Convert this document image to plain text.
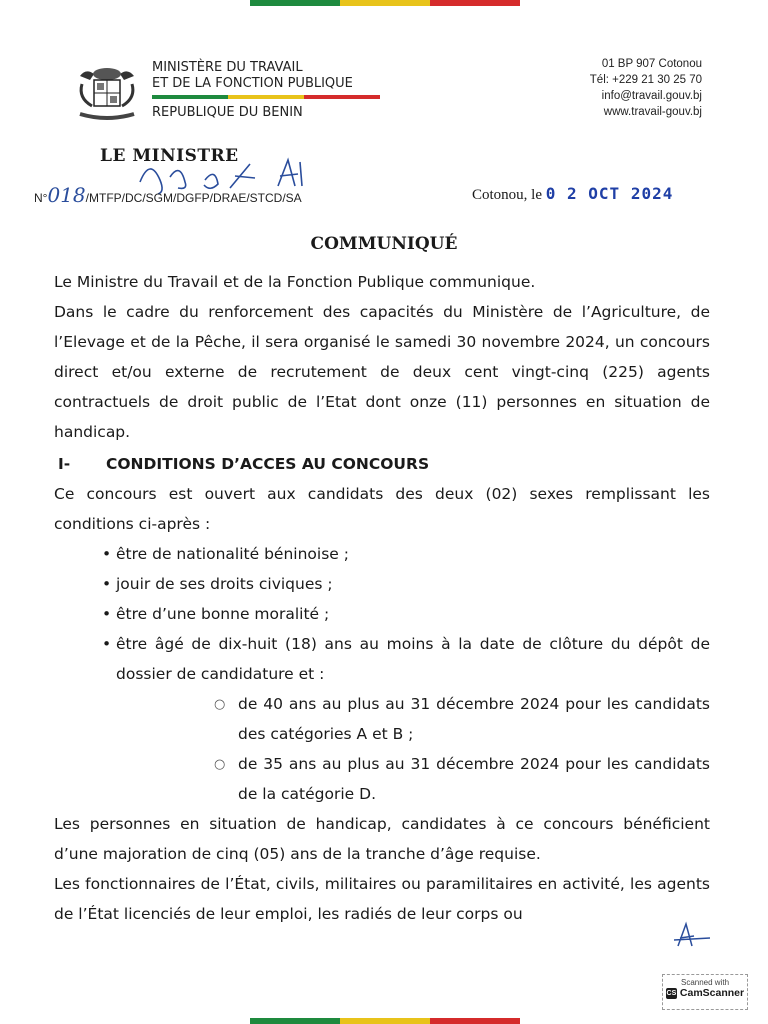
MINISTÈRE DU TRAVAIL
ET DE LA FONCTION PUBLIQUE
REPUBLIQUE DU BENIN
01 BP 907 Cotonou
Tél: +229 21 30 25 70
info@travail.gouv.bj
www.travail-gouv.bj
LE MINISTRE
N°018/MTFP/DC/SGM/DGFP/DRAE/STCD/SA	Cotonou, le 0 2 OCT 2024
COMMUNIQUÉ

Le Ministre du Travail et de la Fonction Publique communique.

Dans le cadre du renforcement des capacités du Ministère de l’Agriculture, de l’Elevage et de la Pêche, il sera organisé le samedi 30 novembre 2024, un concours direct et/ou externe de recrutement de deux cent vingt-cinq (225) agents contractuels de droit public de l’Etat dont onze (11) personnes en situation de handicap.

I- CONDITIONS D’ACCES AU CONCOURS

Ce concours est ouvert aux candidats des deux (02) sexes remplissant les conditions ci-après :

• être de nationalité béninoise ;
• jouir de ses droits civiques ;
• être d’une bonne moralité ;
• être âgé de dix-huit (18) ans au moins à la date de clôture du dépôt de dossier de candidature et :
○ de 40 ans au plus au 31 décembre 2024 pour les candidats des catégories A et B ;
○ de 35 ans au plus au 31 décembre 2024 pour les candidats de la catégorie D.

Les personnes en situation de handicap, candidates à ce concours bénéficient d’une majoration de cinq (05) ans de la tranche d’âge requise.

Les fonctionnaires de l’État, civils, militaires ou paramilitaires en activité, les agents de l’État licenciés de leur emploi, les radiés de leur corps ou

Scanned with
CS CamScanner
